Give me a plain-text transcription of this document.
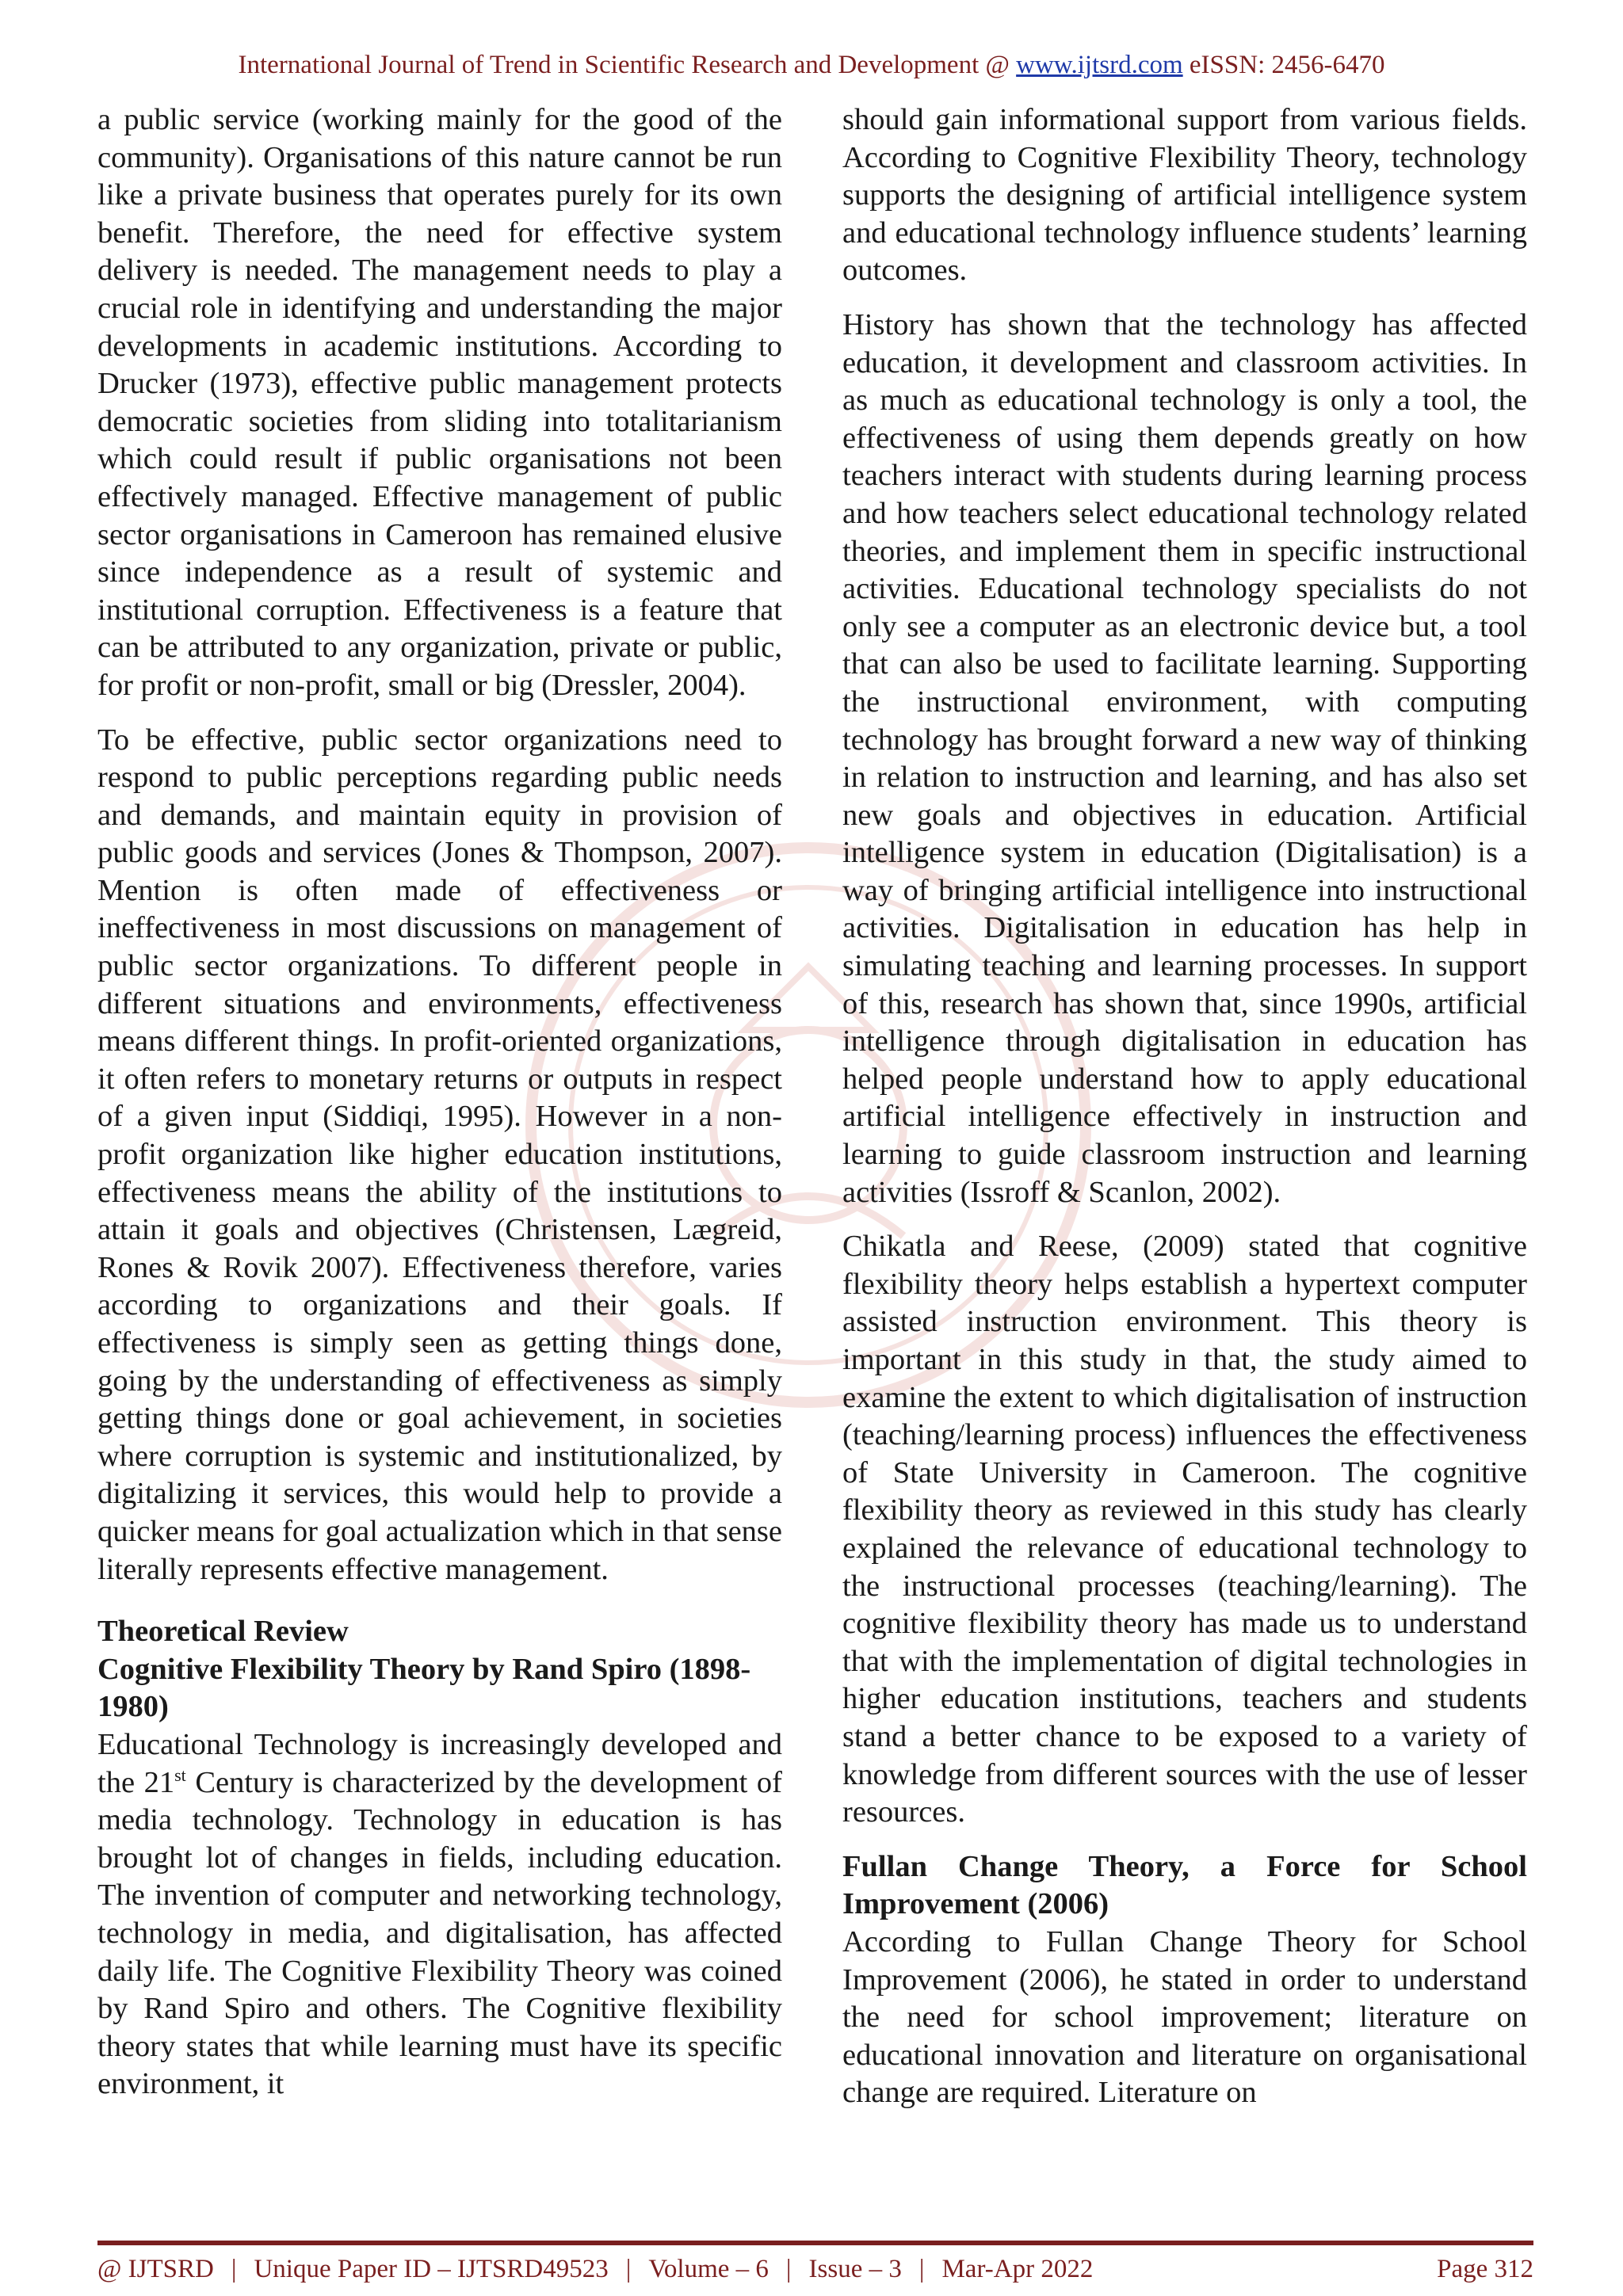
International Journal of Trend in Scientific Research and Development @ www.ijtsrd.com eISSN: 2456-6470

a public service (working mainly for the good of the community). Organisations of this nature cannot be run like a private business that operates purely for its own benefit. Therefore, the need for effective system delivery is needed. The management needs to play a crucial role in identifying and understanding the major developments in academic institutions. According to Drucker (1973), effective public management protects democratic societies from sliding into totalitarianism which could result if public organisations not been effectively managed. Effective management of public sector organisations in Cameroon has remained elusive since independence as a result of systemic and institutional corruption. Effectiveness is a feature that can be attributed to any organization, private or public, for profit or non-profit, small or big (Dressler, 2004).

To be effective, public sector organizations need to respond to public perceptions regarding public needs and demands, and maintain equity in provision of public goods and services (Jones & Thompson, 2007). Mention is often made of effectiveness or ineffectiveness in most discussions on management of public sector organizations. To different people in different situations and environments, effectiveness means different things. In profit-oriented organizations, it often refers to monetary returns or outputs in respect of a given input (Siddiqi, 1995). However in a non-profit organization like higher education institutions, effectiveness means the ability of the institutions to attain it goals and objectives (Christensen, Lægreid, Rones & Rovik 2007). Effectiveness therefore, varies according to organizations and their goals. If effectiveness is simply seen as getting things done, going by the understanding of effectiveness as simply getting things done or goal achievement, in societies where corruption is systemic and institutionalized, by digitalizing it services, this would help to provide a quicker means for goal actualization which in that sense literally represents effective management.

Theoretical Review
Cognitive Flexibility Theory by Rand Spiro (1898-1980)

Educational Technology is increasingly developed and the 21st Century is characterized by the development of media technology. Technology in education is has brought lot of changes in fields, including education. The invention of computer and networking technology, technology in media, and digitalisation, has affected daily life. The Cognitive Flexibility Theory was coined by Rand Spiro and others. The Cognitive flexibility theory states that while learning must have its specific environment, it

should gain informational support from various fields. According to Cognitive Flexibility Theory, technology supports the designing of artificial intelligence system and educational technology influence students’ learning outcomes.

History has shown that the technology has affected education, it development and classroom activities. In as much as educational technology is only a tool, the effectiveness of using them depends greatly on how teachers interact with students during learning process and how teachers select educational technology related theories, and implement them in specific instructional activities. Educational technology specialists do not only see a computer as an electronic device but, a tool that can also be used to facilitate learning. Supporting the instructional environment, with computing technology has brought forward a new way of thinking in relation to instruction and learning, and has also set new goals and objectives in education. Artificial intelligence system in education (Digitalisation) is a way of bringing artificial intelligence into instructional activities. Digitalisation in education has help in simulating teaching and learning processes. In support of this, research has shown that, since 1990s, artificial intelligence through digitalisation in education has helped people understand how to apply educational artificial intelligence effectively in instruction and learning to guide classroom instruction and learning activities (Issroff & Scanlon, 2002).

Chikatla and Reese, (2009) stated that cognitive flexibility theory helps establish a hypertext computer assisted instruction environment. This theory is important in this study in that, the study aimed to examine the extent to which digitalisation of instruction (teaching/learning process) influences the effectiveness of State University in Cameroon. The cognitive flexibility theory as reviewed in this study has clearly explained the relevance of educational technology to the instructional processes (teaching/learning). The cognitive flexibility theory has made us to understand that with the implementation of digital technologies in higher education institutions, teachers and students stand a better chance to be exposed to a variety of knowledge from different sources with the use of lesser resources.

Fullan Change Theory, a Force for School Improvement (2006)

According to Fullan Change Theory for School Improvement (2006), he stated in order to understand the need for school improvement; literature on educational innovation and literature on organisational change are required. Literature on

@ IJTSRD | Unique Paper ID – IJTSRD49523 | Volume – 6 | Issue – 3 | Mar-Apr 2022	Page 312
